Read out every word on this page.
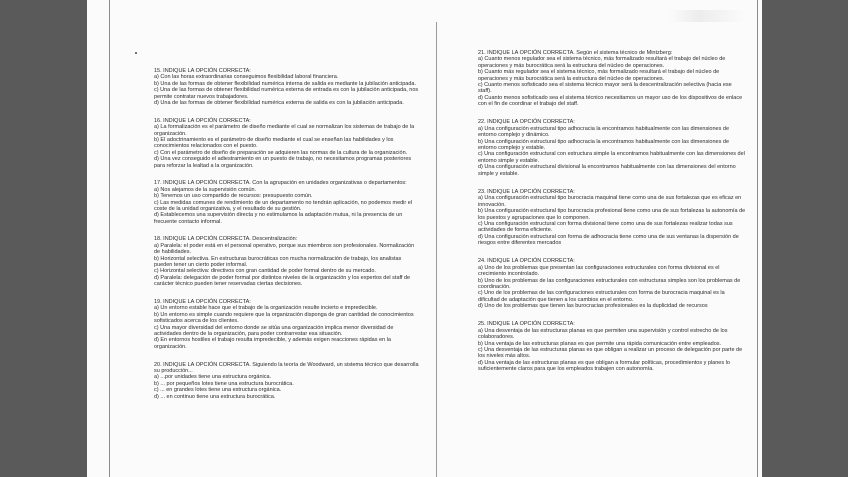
15. INDIQUE LA OPCIÓN CORRECTA:
a) Con las horas extraordinarias conseguimos flexibilidad laboral financiera.
b) Una de las formas de obtener flexibilidad numérica interna de salida es mediante la jubilación anticipada.
c) Una de las formas de obtener flexibilidad numérica externa de entrada es con la jubilación anticipada, nos permite contratar nuevos trabajadores.
d) Una de las formas de obtener flexibilidad numérica externa de salida es con la jubilación anticipada.
16. INDIQUE LA OPCIÓN CORRECTA:
a) La formalización es el parámetro de diseño mediante el cual se normalizan los sistemas de trabajo de la organización.
b) El adoctrinamiento es el parámetro de diseño mediante el cual se enseñan las habilidades y los conocimientos relacionados con el puesto.
c) Con el parámetro de diseño de preparación se adquieren las normas de la cultura de la organización.
d) Una vez conseguido el adiestramiento en un puesto de trabajo, no necesitamos programas posteriores para reforzar la lealtad a la organización.
17. INDIQUE LA OPCIÓN CORRECTA. Con la agrupación en unidades organizativas o departamentos:
a) Nos alejamos de la supervisión común.
b) Tenemos un uso compartido de recursos: presupuesto común.
c) Las medidas comunes de rendimiento de un departamento no tendrán aplicación, no podemos medir el coste de la unidad organizativa, y el resultado de su gestión.
d) Establecemos una supervisión directa y no estimulamos la adaptación mutua, ni la presencia de un frecuente contacto informal.
18. INDIQUE LA OPCIÓN CORRECTA. Descentralización:
a) Paralela: el poder está en el personal operativo, porque sus miembros son profesionales. Normalización de habilidades.
b) Horizontal selectiva. En estructuras burocráticas con mucha normalización de trabajo, los analistas pueden tener un cierto poder informal.
c) Horizontal selectiva: directivos con gran cantidad de poder formal dentro de su mercado.
d) Paralela: delegación de poder formal por distintos niveles de la organización y los expertos del staff de carácter técnico pueden tener reservadas ciertas decisiones.
19. INDIQUE LA OPCIÓN CORRECTA:
a) Un entorno estable hace que el trabajo de la organización resulte incierto e impredecible.
b) Un entorno es simple cuando requiere que la organización disponga de gran cantidad de conocimientos sofisticados acerca de los clientes.
c) Una mayor diversidad del entorno donde se sitúa una organización implica menor diversidad de actividades dentro de la organización, para poder contrarrestar esa situación.
d) En entornos hostiles el trabajo resulta impredecible, y además exigen reacciones rápidas en la organización.
20. INDIQUE LA OPCIÓN CORRECTA. Siguiendo la teoría de Woodward, un sistema técnico que desarrolla su producción...
a) ...por unidades tiene una estructura orgánica.
b) ... por pequeños lotes tiene una estructura burocrática.
c) ... en grandes lotes tiene una estructura orgánica.
d) ... en continuo tiene una estructura burocrática.
21. INDIQUE LA OPCIÓN CORRECTA. Según el sistema técnico de Mintzberg:
a) Cuanto menos regulador sea el sistema técnico, más formalizado resultará el trabajo del núcleo de operaciones y más burocrática será la estructura del núcleo de operaciones.
b) Cuanto más regulador sea el sistema técnico, más formalizado resultará el trabajo del núcleo de operaciones y más burocrática será la estructura del núcleo de operaciones.
c) Cuanto menos sofisticado sea el sistema técnico mayor será la descentralización selectiva (hacia ese staff).
d) Cuanto menos sofisticado sea el sistema técnico necesitamos un mayor uso de los dispositivos de enlace con el fin de coordinar el trabajo del staff.
22. INDIQUE LA OPCIÓN CORRECTA:
a) Una configuración estructural tipo adhocracia la encontramos habitualmente con las dimensiones de entorno complejo y dinámico.
b) Una configuración estructural tipo adhocracia la encontramos habitualmente con las dimensiones de entorno complejo y estable.
c) Una configuración estructural con estructura simple la encontramos habitualmente con las dimensiones del entorno simple y estable.
d) Una configuración estructural divisional la encontramos habitualmente con las dimensiones del entorno simple y estable.
23. INDIQUE LA OPCIÓN CORRECTA:
a) Una configuración estructural tipo burocracia maquinal tiene como una de sus fortalezas que es eficaz en innovación.
b) Una configuración estructural tipo burocracia profesional tiene como una de sus fortalezas la autonomía de los puestos y agrupaciones que lo componen.
c) Una configuración estructural con forma divisional tiene como una de sus fortalezas realizar todas sus actividades de forma eficiente.
d) Una configuración estructural con forma de adhocracia tiene como una de sus ventanas la dispersión de riesgos entre diferentes mercados
24. INDIQUE LA OPCIÓN CORRECTA:
a) Uno de los problemas que presentan las configuraciones estructurales con forma divisional es el crecimiento incontrolado.
b) Uno de los problemas de las configuraciones estructurales con estructuras simples son los problemas de coordinación.
c) Uno de los problemas de las configuraciones estructurales con forma de burocracia maquinal es la dificultad de adaptación que tienen a los cambios en el entorno.
d) Uno de los problemas que tienen las burocracias profesionales es la duplicidad de recursos
25. INDIQUE LA OPCIÓN CORRECTA:
a) Una desventaja de las estructuras planas es que permiten una supervisión y control estrecho de los colaboradores.
b) Una ventaja de las estructuras planas es que permite una rápida comunicación entre empleados.
c) Una desventaja de las estructuras planas es que obligan a realizar un proceso de delegación por parte de los niveles más altos.
d) Una ventaja de las estructuras planas es que obligan a formular políticas, procedimientos y planes lo suficientemente claros para que los empleados trabajen con autonomía.
